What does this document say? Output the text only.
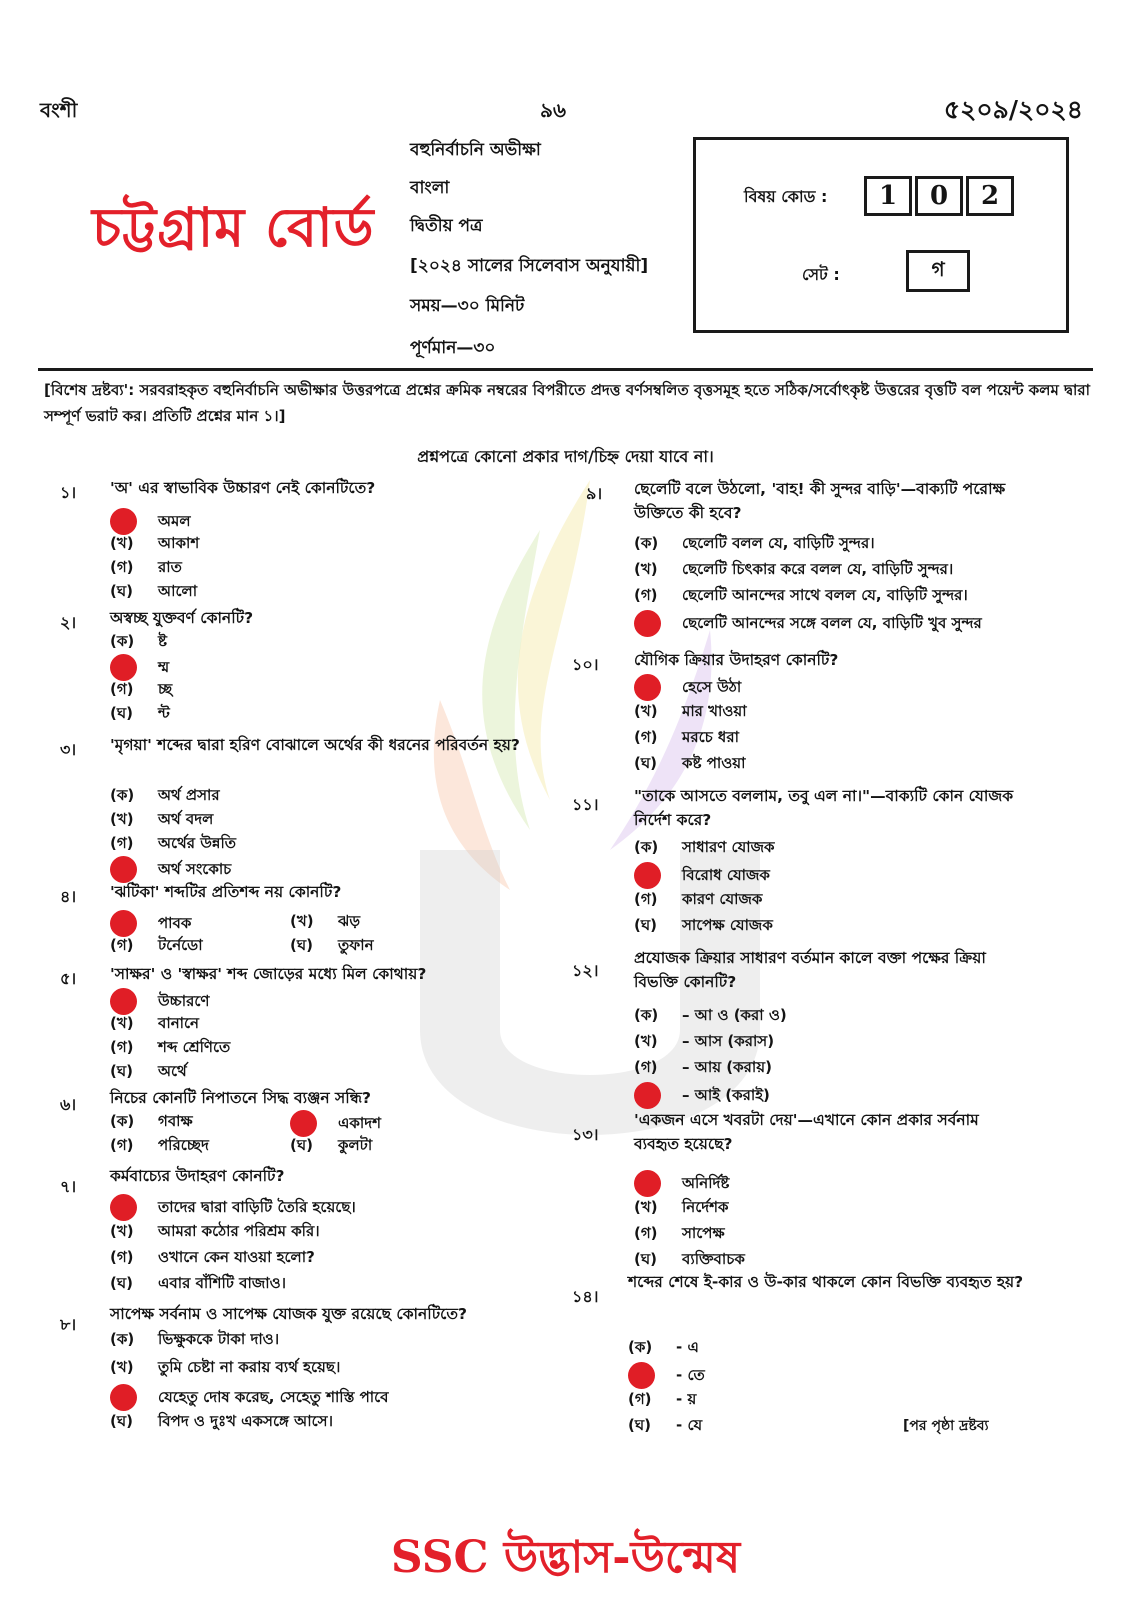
বংশী	৯৬	৫২০৯/২০২৪
চট্টগ্রাম বোর্ড
বহুনির্বাচনি অভীক্ষা
বাংলা
দ্বিতীয় পত্র
[২০২৪ সালের সিলেবাস অনুযায়ী]
সময়—৩০ মিনিট
পূর্ণমান—৩০
বিষয় কোড :	1	0	2
সেট :	গ
[বিশেষ দ্রষ্টব্য': সরবরাহকৃত বহুনির্বাচনি অভীক্ষার উত্তরপত্রে প্রশ্নের ক্রমিক নম্বরের বিপরীতে প্রদত্ত বর্ণসম্বলিত বৃত্তসমূহ হতে সঠিক/সর্বোৎকৃষ্ট উত্তরের বৃত্তটি বল পয়েন্ট কলম দ্বারা সম্পূর্ণ ভরাট কর। প্রতিটি প্রশ্নের মান ১।]
প্রশ্নপত্রে কোনো প্রকার দাগ/চিহ্ন দেয়া যাবে না।
১। 'অ' এর স্বাভাবিক উচ্চারণ নেই কোনটিতে?
অমল
(খ) আকাশ
(গ) রাত
(ঘ) আলো
২। অস্বচ্ছ যুক্তবর্ণ কোনটি?
(ক) ষ্ট
ম্ম
(গ) চ্ছ
(ঘ) ন্ট
৩। 'মৃগয়া' শব্দের দ্বারা হরিণ বোঝালে অর্থের কী ধরনের পরিবর্তন হয়?
(ক) অর্থ প্রসার
(খ) অর্থ বদল
(গ) অর্থের উন্নতি
অর্থ সংকোচ
৪। 'ঝটিকা' শব্দটির প্রতিশব্দ নয় কোনটি?
পাবক	(খ) ঝড়
(গ) টর্নেডো	(ঘ) তুফান
৫। 'সাক্ষর' ও 'স্বাক্ষর' শব্দ জোড়ের মধ্যে মিল কোথায়?
উচ্চারণে
(খ) বানানে
(গ) শব্দ শ্রেণিতে
(ঘ) অর্থে
৬। নিচের কোনটি নিপাতনে সিদ্ধ ব্যঞ্জন সন্ধি?
(ক) গবাক্ষ	একাদশ
(গ) পরিচ্ছেদ	(ঘ) কুলটা
৭।
কর্মবাচ্যের উদাহরণ কোনটি?
তাদের দ্বারা বাড়িটি তৈরি হয়েছে।
(খ) আমরা কঠোর পরিশ্রম করি।
(গ) ওখানে কেন যাওয়া হলো?
(ঘ) এবার বাঁশিটি বাজাও।
৮।
সাপেক্ষ সর্বনাম ও সাপেক্ষ যোজক যুক্ত রয়েছে কোনটিতে?
(ক) ভিক্ষুককে টাকা দাও।
(খ) তুমি চেষ্টা না করায় ব্যর্থ হয়েছ।
যেহেতু দোষ করেছ, সেহেতু শাস্তি পাবে
(ঘ) বিপদ ও দুঃখ একসঙ্গে আসে।
৯। ছেলেটি বলে উঠলো, 'বাহ! কী সুন্দর বাড়ি'—বাক্যটি পরোক্ষ উক্তিতে কী হবে?
(ক) ছেলেটি বলল যে, বাড়িটি সুন্দর।
(খ) ছেলেটি চিৎকার করে বলল যে, বাড়িটি সুন্দর।
(গ) ছেলেটি আনন্দের সাথে বলল যে, বাড়িটি সুন্দর।
ছেলেটি আনন্দের সঙ্গে বলল যে, বাড়িটি খুব সুন্দর
১০। যৌগিক ক্রিয়ার উদাহরণ কোনটি?
হেসে উঠা
(খ) মার খাওয়া
(গ) মরচে ধরা
(ঘ) কষ্ট পাওয়া
১১। "তাকে আসতে বললাম, তবু এল না।"—বাক্যটি কোন যোজক নির্দেশ করে?
(ক) সাধারণ যোজক
বিরোধ যোজক
(গ) কারণ যোজক
(ঘ) সাপেক্ষ যোজক
১২।
প্রযোজক ক্রিয়ার সাধারণ বর্তমান কালে বক্তা পক্ষের ক্রিয়া বিভক্তি কোনটি?
(ক) – আ ও (করা ও)
(খ) – আস (করাস)
(গ) – আয় (করায়)
– আই (করাই)
১৩।
'একজন এসে খবরটা দেয়'—এখানে কোন প্রকার সর্বনাম ব্যবহৃত হয়েছে?
অনির্দিষ্ট
(খ) নির্দেশক
(গ) সাপেক্ষ
(ঘ) ব্যক্তিবাচক
১৪।
শব্দের শেষে ই-কার ও উ-কার থাকলে কোন বিভক্তি ব্যবহৃত হয়?
(ক) - এ
- তে
(গ) - য়
(ঘ) - যে	[পর পৃষ্ঠা দ্রষ্টব্য
SSC উদ্ভাস-উন্মেষ
